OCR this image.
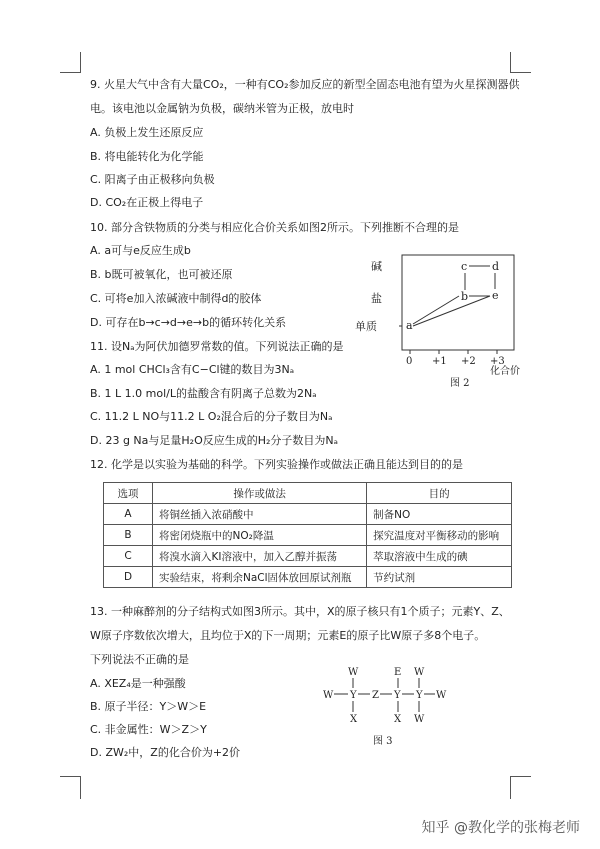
9. 火星大气中含有大量CO₂，一种有CO₂参加反应的新型全固态电池有望为火星探测器供
电。该电池以金属钠为负极，碳纳米管为正极，放电时
A. 负极上发生还原反应
B. 将电能转化为化学能
C. 阳离子由正极移向负极
D. CO₂在正极上得电子
10. 部分含铁物质的分类与相应化合价关系如图2所示。下列推断不合理的是
A. a可与e反应生成b
B. b既可被氧化，也可被还原
C. 可将e加入浓碱液中制得d的胶体
D. 可存在b→c→d→e→b的循环转化关系
碱
盐
单质	a
b
c d
e
0 +1 +2 +3
化合价
图 2
11. 设Nₐ为阿伏加德罗常数的值。下列说法正确的是
A. 1 mol CHCl₃含有C−Cl键的数目为3Nₐ
B. 1 L 1.0 mol/L的盐酸含有阴离子总数为2Nₐ
C. 11.2 L NO与11.2 L O₂混合后的分子数目为Nₐ
D. 23 g Na与足量H₂O反应生成的H₂分子数目为Nₐ
12. 化学是以实验为基础的科学。下列实验操作或做法正确且能达到目的的是
选项	操作或做法	目的
A	将铜丝插入浓硝酸中	制备NO
B	将密闭烧瓶中的NO₂降温	探究温度对平衡移动的影响
C	将溴水滴入KI溶液中，加入乙醇并振荡	萃取溶液中生成的碘
D	实验结束，将剩余NaCl固体放回原试剂瓶	节约试剂
13. 一种麻醉剂的分子结构式如图3所示。其中，X的原子核只有1个质子；元素Y、Z、
W原子序数依次增大，且均位于X的下一周期；元素E的原子比W原子多8个电子。
下列说法不正确的是
A. XEZ₄是一种强酸
B. 原子半径：Y＞W＞E
C. 非金属性：W＞Z＞Y
D. ZW₂中，Z的化合价为+2价
W	E W
W Y Z Y Y W
W
X	X
图 3
知乎 @教化学的张梅老师
